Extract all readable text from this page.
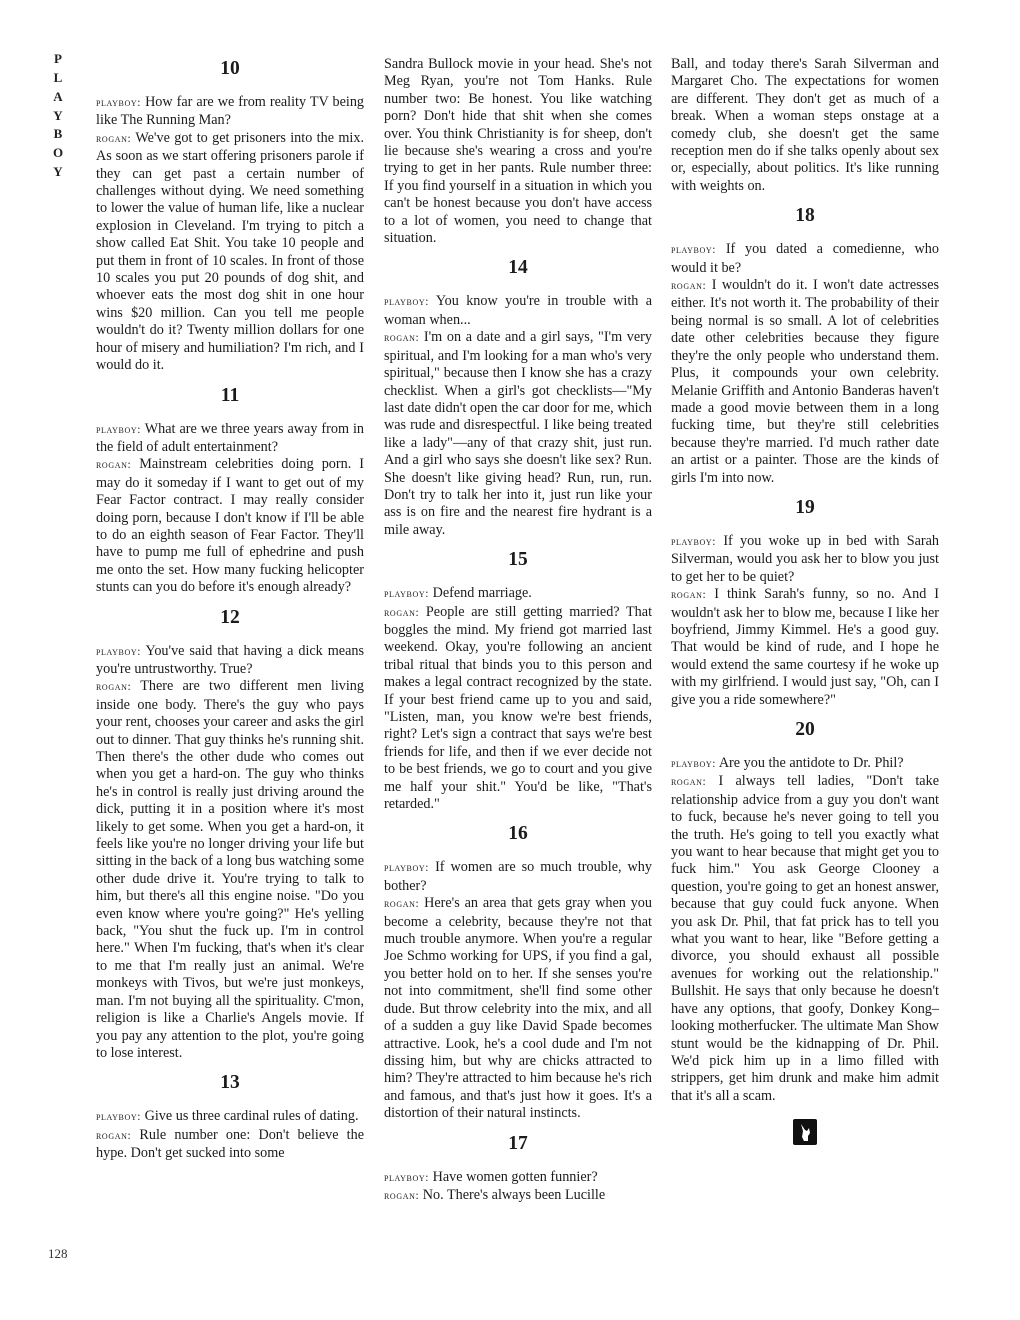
P
L
A
Y
B
O
Y
128
10

playboy: How far are we from reality TV being like The Running Man?

rogan: We've got to get prisoners into the mix. As soon as we start offering prisoners parole if they can get past a certain number of challenges without dying. We need something to lower the value of human life, like a nuclear explosion in Cleveland. I'm trying to pitch a show called Eat Shit. You take 10 people and put them in front of 10 scales. In front of those 10 scales you put 20 pounds of dog shit, and whoever eats the most dog shit in one hour wins $20 million. Can you tell me people wouldn't do it? Twenty million dollars for one hour of misery and humiliation? I'm rich, and I would do it.

11

playboy: What are we three years away from in the field of adult entertainment?

rogan: Mainstream celebrities doing porn. I may do it someday if I want to get out of my Fear Factor contract. I may really consider doing porn, because I don't know if I'll be able to do an eighth season of Fear Factor. They'll have to pump me full of ephedrine and push me onto the set. How many fucking helicopter stunts can you do before it's enough already?

12

playboy: You've said that having a dick means you're untrustworthy. True?

rogan: There are two different men living inside one body. There's the guy who pays your rent, chooses your career and asks the girl out to dinner. That guy thinks he's running shit. Then there's the other dude who comes out when you get a hard-on. The guy who thinks he's in control is really just driving around the dick, putting it in a position where it's most likely to get some. When you get a hard-on, it feels like you're no longer driving your life but sitting in the back of a long bus watching some other dude drive it. You're trying to talk to him, but there's all this engine noise. "Do you even know where you're going?" He's yelling back, "You shut the fuck up. I'm in control here." When I'm fucking, that's when it's clear to me that I'm really just an animal. We're monkeys with Tivos, but we're just monkeys, man. I'm not buying all the spirituality. C'mon, religion is like a Charlie's Angels movie. If you pay any attention to the plot, you're going to lose interest.

13

playboy: Give us three cardinal rules of dating.

rogan: Rule number one: Don't believe the hype. Don't get sucked into some

Sandra Bullock movie in your head. She's not Meg Ryan, you're not Tom Hanks. Rule number two: Be honest. You like watching porn? Don't hide that shit when she comes over. You think Christianity is for sheep, don't lie because she's wearing a cross and you're trying to get in her pants. Rule number three: If you find yourself in a situation in which you can't be honest because you don't have access to a lot of women, you need to change that situation.

14

playboy: You know you're in trouble with a woman when...

rogan: I'm on a date and a girl says, "I'm very spiritual, and I'm looking for a man who's very spiritual," because then I know she has a crazy checklist. When a girl's got checklists—"My last date didn't open the car door for me, which was rude and disrespectful. I like being treated like a lady"—any of that crazy shit, just run. And a girl who says she doesn't like sex? Run. She doesn't like giving head? Run, run, run. Don't try to talk her into it, just run like your ass is on fire and the nearest fire hydrant is a mile away.

15

playboy: Defend marriage.

rogan: People are still getting married? That boggles the mind. My friend got married last weekend. Okay, you're following an ancient tribal ritual that binds you to this person and makes a legal contract recognized by the state. If your best friend came up to you and said, "Listen, man, you know we're best friends, right? Let's sign a contract that says we're best friends for life, and then if we ever decide not to be best friends, we go to court and you give me half your shit." You'd be like, "That's retarded."

16

playboy: If women are so much trouble, why bother?

rogan: Here's an area that gets gray when you become a celebrity, because they're not that much trouble anymore. When you're a regular Joe Schmo working for UPS, if you find a gal, you better hold on to her. If she senses you're not into commitment, she'll find some other dude. But throw celebrity into the mix, and all of a sudden a guy like David Spade becomes attractive. Look, he's a cool dude and I'm not dissing him, but why are chicks attracted to him? They're attracted to him because he's rich and famous, and that's just how it goes. It's a distortion of their natural instincts.

17

playboy: Have women gotten funnier?

rogan: No. There's always been Lucille

Ball, and today there's Sarah Silverman and Margaret Cho. The expectations for women are different. They don't get as much of a break. When a woman steps onstage at a comedy club, she doesn't get the same reception men do if she talks openly about sex or, especially, about politics. It's like running with weights on.

18

playboy: If you dated a comedienne, who would it be?

rogan: I wouldn't do it. I won't date actresses either. It's not worth it. The probability of their being normal is so small. A lot of celebrities date other celebrities because they figure they're the only people who understand them. Plus, it compounds your own celebrity. Melanie Griffith and Antonio Banderas haven't made a good movie between them in a long fucking time, but they're still celebrities because they're married. I'd much rather date an artist or a painter. Those are the kinds of girls I'm into now.

19

playboy: If you woke up in bed with Sarah Silverman, would you ask her to blow you just to get her to be quiet?

rogan: I think Sarah's funny, so no. And I wouldn't ask her to blow me, because I like her boyfriend, Jimmy Kimmel. He's a good guy. That would be kind of rude, and I hope he would extend the same courtesy if he woke up with my girlfriend. I would just say, "Oh, can I give you a ride somewhere?"

20

playboy: Are you the antidote to Dr. Phil?

rogan: I always tell ladies, "Don't take relationship advice from a guy you don't want to fuck, because he's never going to tell you the truth. He's going to tell you exactly what you want to hear because that might get you to fuck him." You ask George Clooney a question, you're going to get an honest answer, because that guy could fuck anyone. When you ask Dr. Phil, that fat prick has to tell you what you want to hear, like "Before getting a divorce, you should exhaust all possible avenues for working out the relationship." Bullshit. He says that only because he doesn't have any options, that goofy, Donkey Kong–looking motherfucker. The ultimate Man Show stunt would be the kidnapping of Dr. Phil. We'd pick him up in a limo filled with strippers, get him drunk and make him admit that it's all a scam.
